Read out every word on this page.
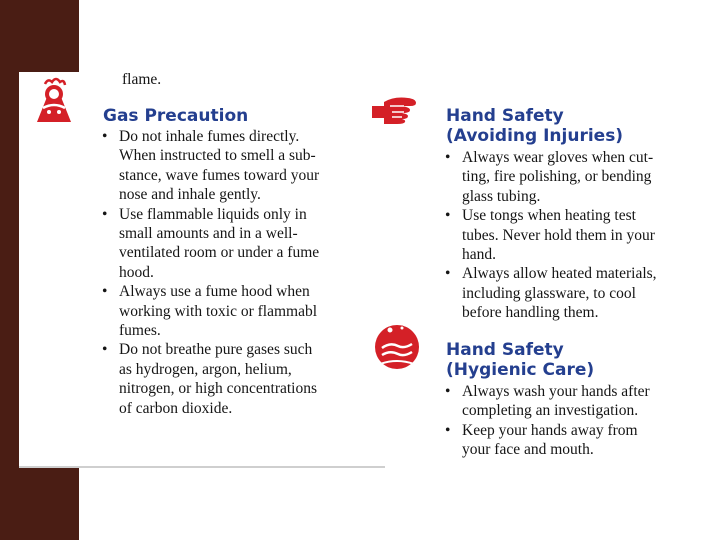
flame.
Gas Precaution
• Do not inhale fumes directly.
When instructed to smell a sub-
stance, wave fumes toward your
nose and inhale gently.
• Use flammable liquids only in
small amounts and in a well-
ventilated room or under a fume
hood.
• Always use a fume hood when
working with toxic or flammabl
fumes.
• Do not breathe pure gases such
as hydrogen, argon, helium,
nitrogen, or high concentrations
of carbon dioxide.
Hand Safety
(Avoiding Injuries)
• Always wear gloves when cut-
ting, fire polishing, or bending
glass tubing.
• Use tongs when heating test
tubes. Never hold them in your
hand.
• Always allow heated materials,
including glassware, to cool
before handling them.
Hand Safety
(Hygienic Care)
• Always wash your hands after
completing an investigation.
• Keep your hands away from
your face and mouth.
